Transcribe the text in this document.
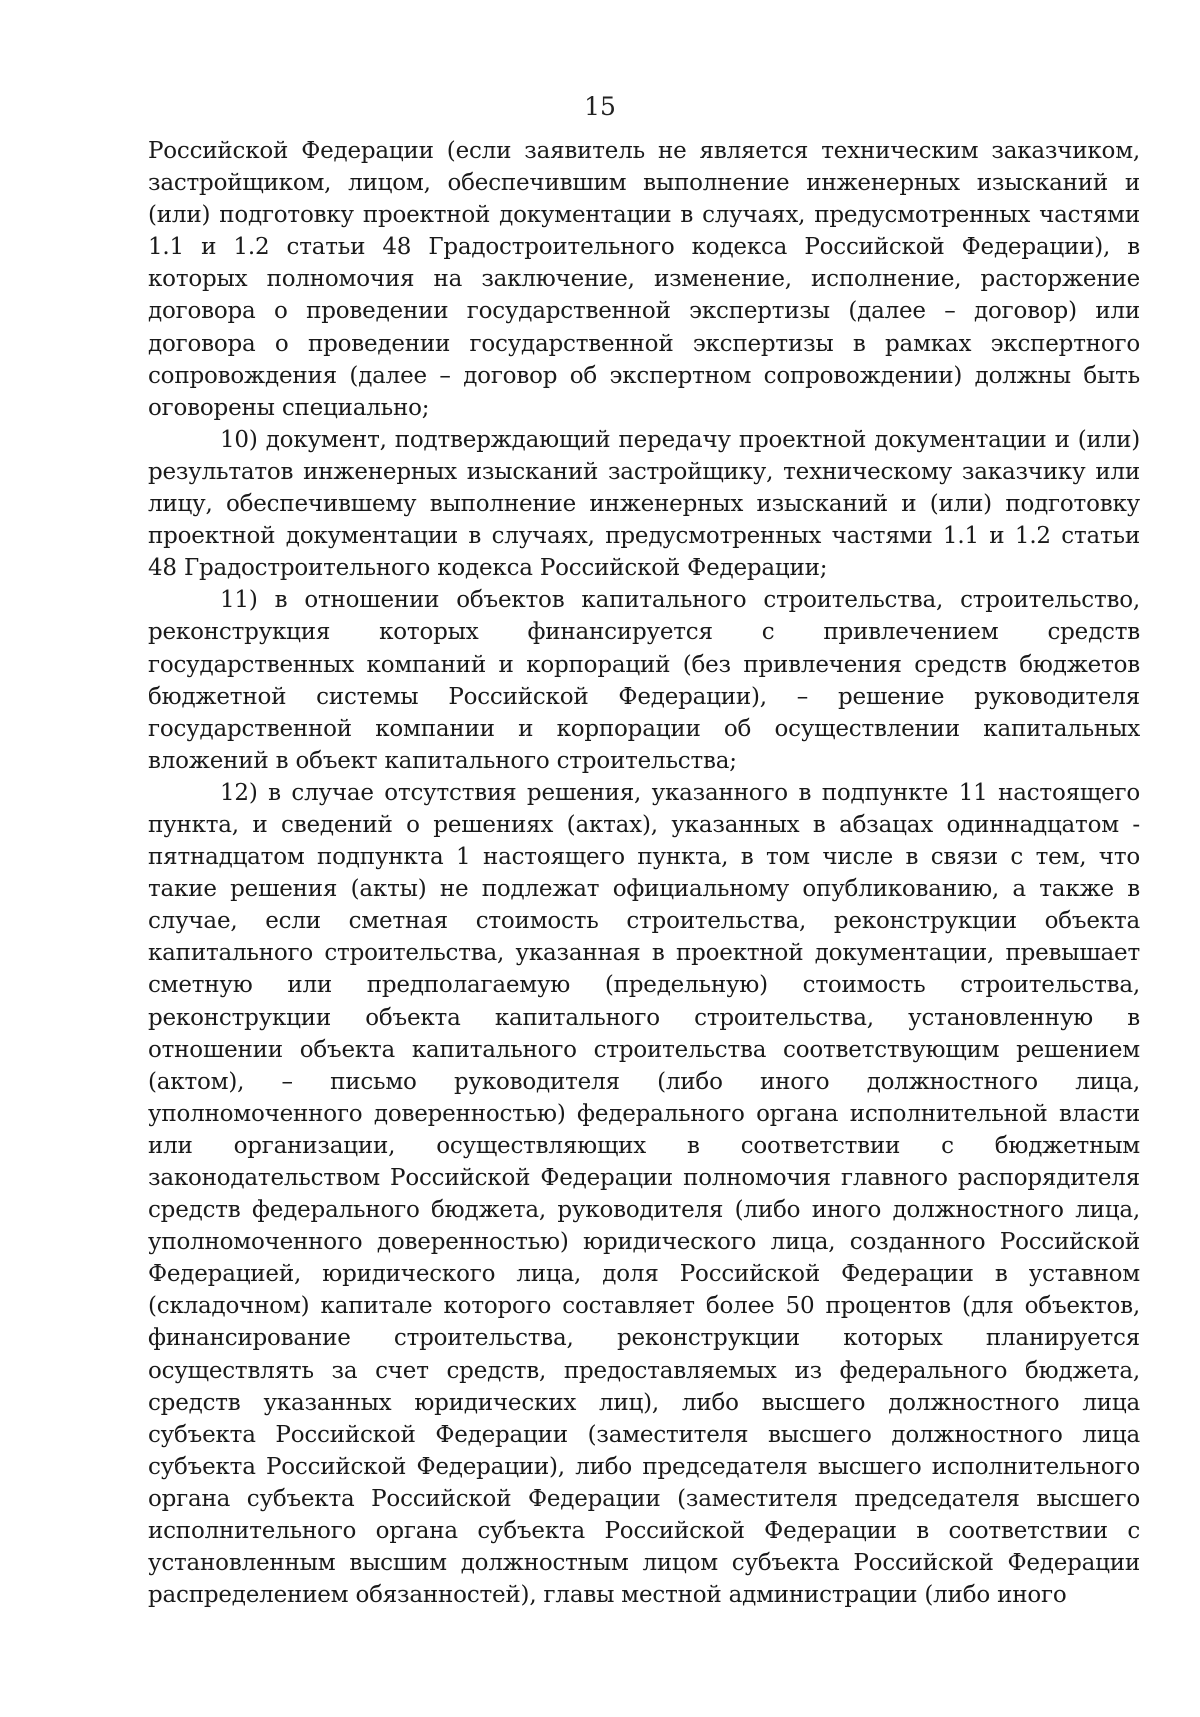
15

Российской Федерации (если заявитель не является техническим заказчиком, застройщиком, лицом, обеспечившим выполнение инженерных изысканий и (или) подготовку проектной документации в случаях, предусмотренных частями 1.1 и 1.2 статьи 48 Градостроительного кодекса Российской Федерации), в которых полномочия на заключение, изменение, исполнение, расторжение договора о проведении государственной экспертизы (далее – договор) или договора о проведении государственной экспертизы в рамках экспертного сопровождения (далее – договор об экспертном сопровождении) должны быть оговорены специально;

10) документ, подтверждающий передачу проектной документации и (или) результатов инженерных изысканий застройщику, техническому заказчику или лицу, обеспечившему выполнение инженерных изысканий и (или) подготовку проектной документации в случаях, предусмотренных частями 1.1 и 1.2 статьи 48 Градостроительного кодекса Российской Федерации;

11) в отношении объектов капитального строительства, строительство, реконструкция которых финансируется с привлечением средств государственных компаний и корпораций (без привлечения средств бюджетов бюджетной системы Российской Федерации), – решение руководителя государственной компании и корпорации об осуществлении капитальных вложений в объект капитального строительства;

12) в случае отсутствия решения, указанного в подпункте 11 настоящего пункта, и сведений о решениях (актах), указанных в абзацах одиннадцатом - пятнадцатом подпункта 1 настоящего пункта, в том числе в связи с тем, что такие решения (акты) не подлежат официальному опубликованию, а также в случае, если сметная стоимость строительства, реконструкции объекта капитального строительства, указанная в проектной документации, превышает сметную или предполагаемую (предельную) стоимость строительства, реконструкции объекта капитального строительства, установленную в отношении объекта капитального строительства соответствующим решением (актом), – письмо руководителя (либо иного должностного лица, уполномоченного доверенностью) федерального органа исполнительной власти или организации, осуществляющих в соответствии с бюджетным законодательством Российской Федерации полномочия главного распорядителя средств федерального бюджета, руководителя (либо иного должностного лица, уполномоченного доверенностью) юридического лица, созданного Российской Федерацией, юридического лица, доля Российской Федерации в уставном (складочном) капитале которого составляет более 50 процентов (для объектов, финансирование строительства, реконструкции которых планируется осуществлять за счет средств, предоставляемых из федерального бюджета, средств указанных юридических лиц), либо высшего должностного лица субъекта Российской Федерации (заместителя высшего должностного лица субъекта Российской Федерации), либо председателя высшего исполнительного органа субъекта Российской Федерации (заместителя председателя высшего исполнительного органа субъекта Российской Федерации в соответствии с установленным высшим должностным лицом субъекта Российской Федерации распределением обязанностей), главы местной администрации (либо иного
